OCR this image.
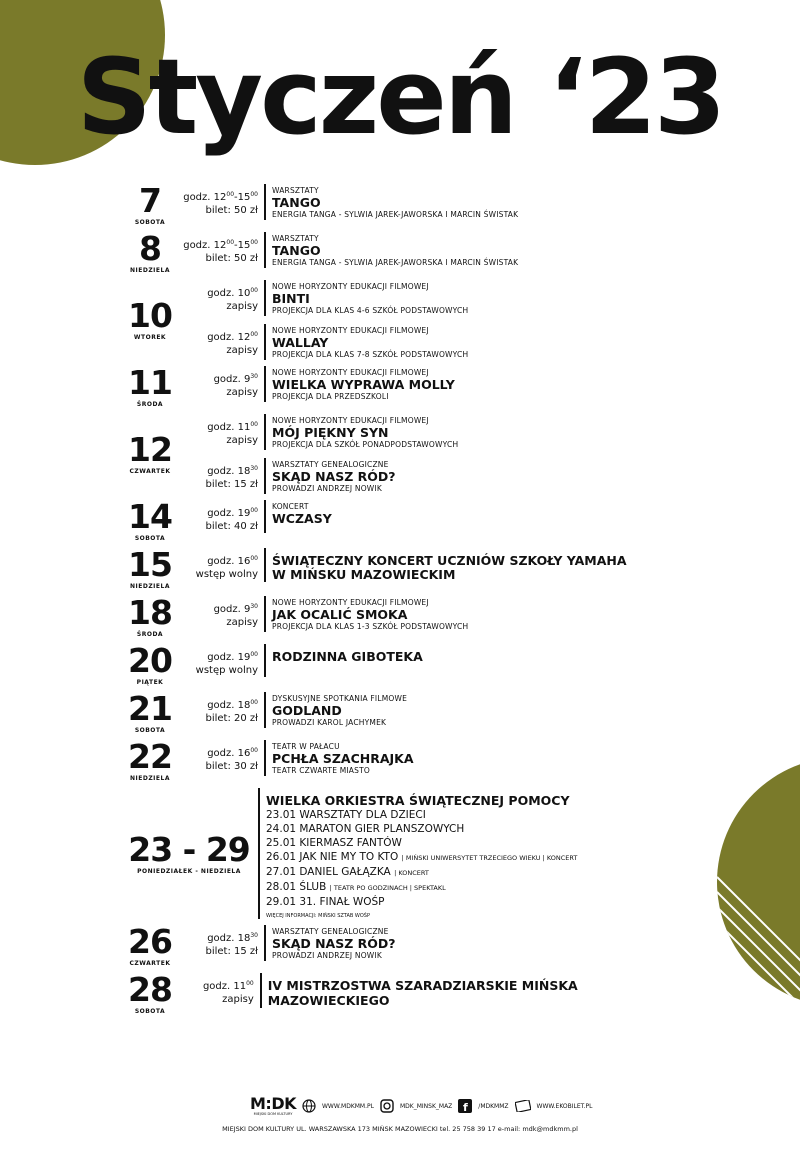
Styczeń ‘23
7
SOBOTA
godz. $12^{00}-15^{00}$
bilet: 50 zł
WARSZTATY
TANGO
ENERGIA TANGA - SYLWIA JAREK-JAWORSKA I MARCIN ŚWISTAK
8
NIEDZIELA
godz. $12^{00}-15^{00}$
bilet: 50 zł
WARSZTATY
TANGO
ENERGIA TANGA - SYLWIA JAREK-JAWORSKA I MARCIN ŚWISTAK
10
WTOREK
godz. $10^{00}$
zapisy
NOWE HORYZONTY EDUKACJI FILMOWEJ
BINTI
PROJEKCJA DLA KLAS 4-6 SZKÓŁ PODSTAWOWYCH
godz. $12^{00}$
zapisy
NOWE HORYZONTY EDUKACJI FILMOWEJ
WALLAY
PROJEKCJA DLA KLAS 7-8 SZKÓŁ PODSTAWOWYCH
11
ŚRODA
godz. $9^{30}$
zapisy
NOWE HORYZONTY EDUKACJI FILMOWEJ
WIELKA WYPRAWA MOLLY
PROJEKCJA DLA PRZEDSZKOLI
12
CZWARTEK
godz. $11^{00}$
zapisy
NOWE HORYZONTY EDUKACJI FILMOWEJ
MÓJ PIĘKNY SYN
PROJEKCJA DLA SZKÓŁ PONADPODSTAWOWYCH
godz. $18^{30}$
bilet: 15 zł
WARSZTATY GENEALOGICZNE
SKĄD NASZ RÓD?
PROWADZI ANDRZEJ NOWIK
14
SOBOTA
godz. $19^{00}$
bilet: 40 zł
KONCERT
WCZASY
15
NIEDZIELA
godz. $16^{00}$
wstęp wolny
ŚWIĄTECZNY KONCERT UCZNIÓW SZKOŁY YAMAHA
W MIŃSKU MAZOWIECKIM
18
ŚRODA
godz. $9^{30}$
zapisy
NOWE HORYZONTY EDUKACJI FILMOWEJ
JAK OCALIĆ SMOKA
PROJEKCJA DLA KLAS 1-3 SZKÓŁ PODSTAWOWYCH
20
PIĄTEK
godz. $19^{00}$
wstęp wolny
RODZINNA GIBOTEKA
21
SOBOTA
godz. $18^{00}$
bilet: 20 zł
DYSKUSYJNE SPOTKANIA FILMOWE
GODLAND
PROWADZI KAROL JACHYMEK
22
NIEDZIELA
godz. $16^{00}$
bilet: 30 zł
TEATR W PAŁACU
PCHŁA SZACHRAJKA
TEATR CZWARTE MIASTO
23 - 29
PONIEDZIAŁEK - NIEDZIELA
WIELKA ORKIESTRA ŚWIĄTECZNEJ POMOCY
23.01 WARSZTATY DLA DZIECI
24.01 MARATON GIER PLANSZOWYCH
25.01 KIERMASZ FANTÓW
26.01 JAK NIE MY TO KTO | MIŃSKI UNIWERSYTET TRZECIEGO WIEKU | KONCERT
27.01 DANIEL GAŁĄZKA | KONCERT
28.01 ŚLUB | TEATR PO GODZINACH | SPEKTAKL
29.01 31. FINAŁ WOŚP
WIĘCEJ INFORMACJI: MIŃSKI SZTAB WOŚP
26
CZWARTEK
godz. $18^{30}$
bilet: 15 zł
WARSZTATY GENEALOGICZNE
SKĄD NASZ RÓD?
PROWADZI ANDRZEJ NOWIK
28
SOBOTA
godz. $11^{00}$
zapisy
IV MISTRZOSTWA SZARADZIARSKIE MIŃSKA MAZOWIECKIEGO
M:DK
MIEJSKI DOM KULTURY
WWW.MDKMM.PL	MDK_MINSK_MAZ f /MDKMMZ	WWW.EKOBILET.PL
MIEJSKI DOM KULTURY UL. WARSZAWSKA 173 MIŃSK MAZOWIECKI tel. 25 758 39 17 e-mail: mdk@mdkmm.pl
